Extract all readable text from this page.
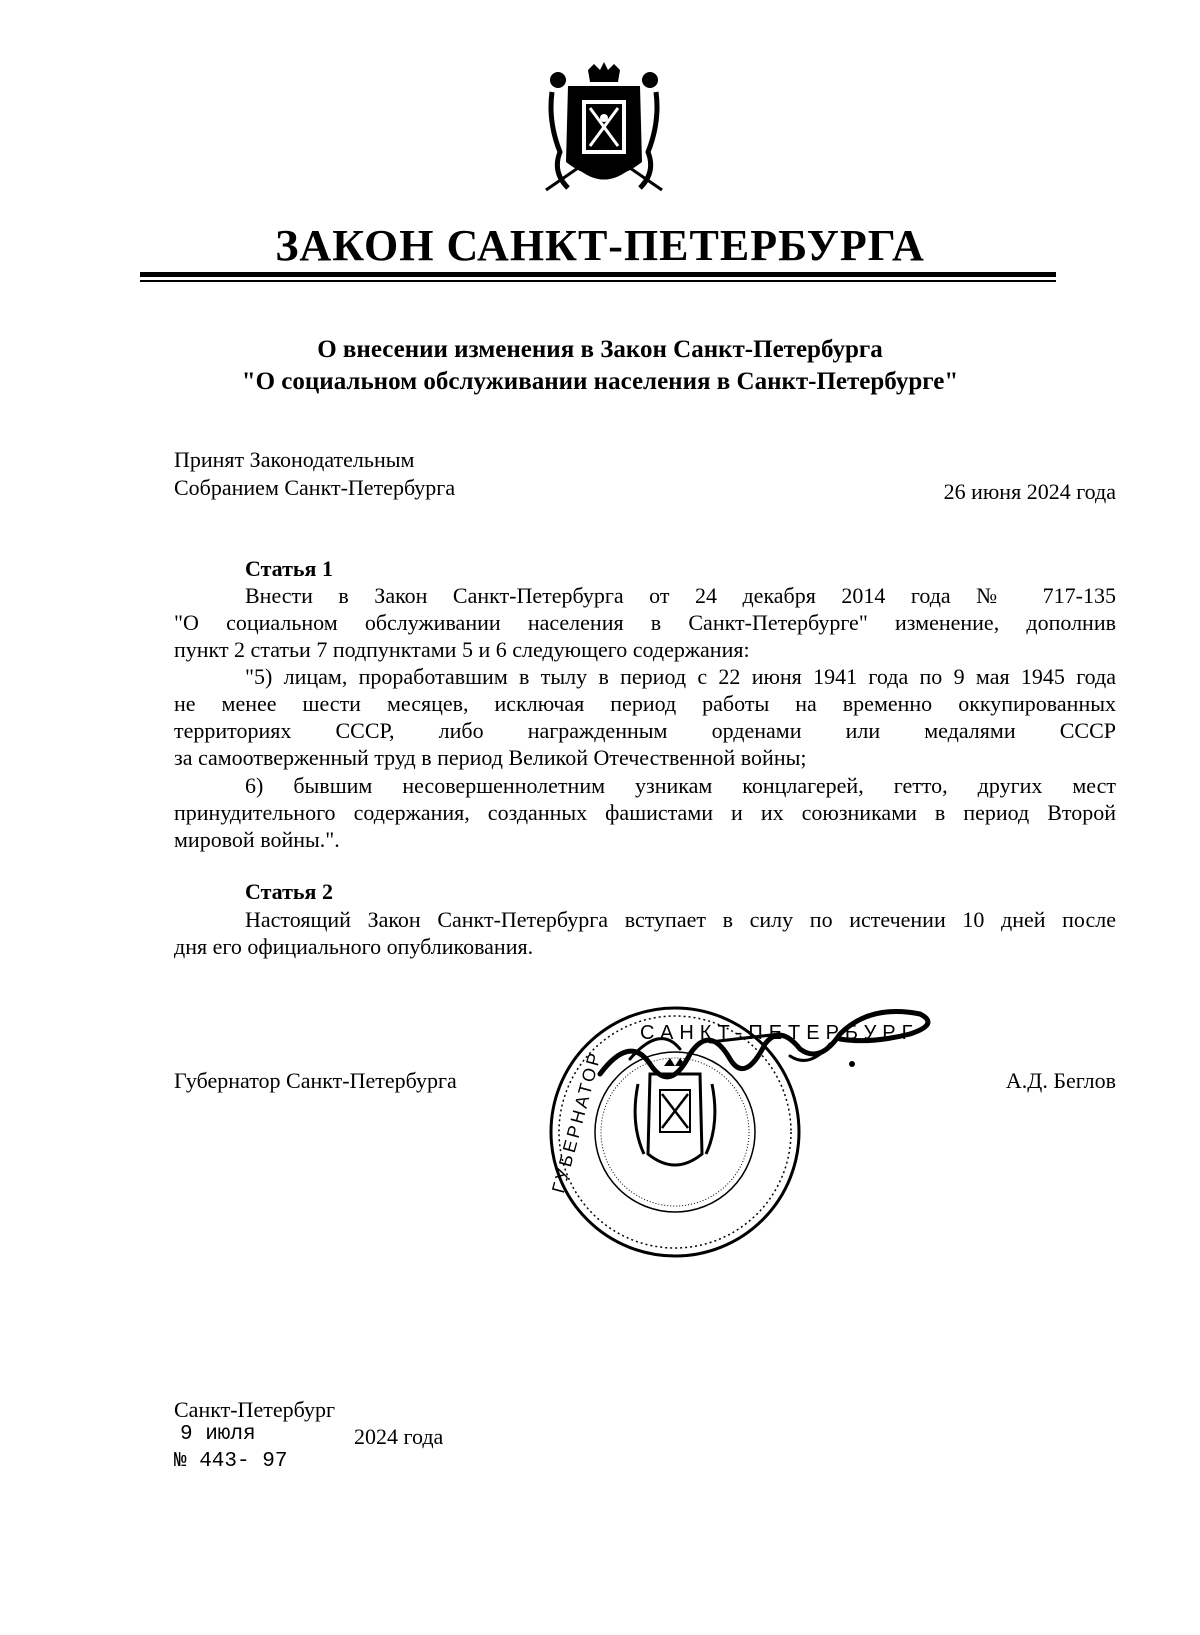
ЗАКОН САНКТ-ПЕТЕРБУРГА
О внесении изменения в Закон Санкт-Петербурга
"О социальном обслуживании населения в Санкт-Петербурге"
Принят Законодательным
Собранием Санкт-Петербурга	26 июня 2024 года
Статья 1
Внести в Закон Санкт-Петербурга от 24 декабря 2014 года № 717-135
"О социальном обслуживании населения в Санкт-Петербурге" изменение, дополнив
пункт 2 статьи 7 подпунктами 5 и 6 следующего содержания:
"5) лицам, проработавшим в тылу в период с 22 июня 1941 года по 9 мая 1945 года
не менее шести месяцев, исключая период работы на временно оккупированных
территориях СССР, либо награжденным орденами или медалями СССР
за самоотверженный труд в период Великой Отечественной войны;
6) бывшим несовершеннолетним узникам концлагерей, гетто, других мест
принудительного содержания, созданных фашистами и их союзниками в период Второй
мировой войны.".
Статья 2
Настоящий Закон Санкт-Петербурга вступает в силу по истечении 10 дней после
дня его официального опубликования.
Губернатор Санкт-Петербурга	А.Д. Беглов
САНКТ-ПЕТЕРБУРГ
ГУБЕРНАТОР
Санкт-Петербург
9 июля	2024 года
№ 443- 97
